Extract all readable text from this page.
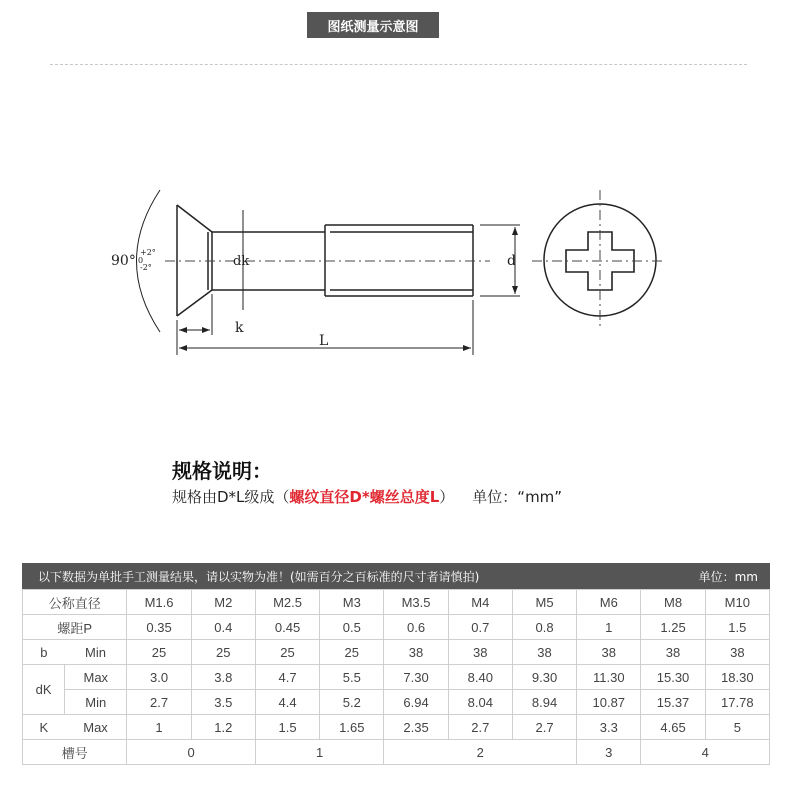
图纸测量示意图
90°
+2°
0
-2°	dk
k
L
d
规格说明：
规格由D*L级成（螺纹直径D*螺丝总度L） 单位：“mm”
以下数据为单批手工测量结果，请以实物为准！(如需百分之百标准的尺寸者请慎拍)	单位：mm
公称直径		M1.6	M2	M2.5	M3	M3.5	M4	M5	M6	M8	M10
螺距P		0.35	0.4	0.45	0.5	0.6	0.7	0.8	1	1.25	1.5
b	Min	25	25	25	25	38	38	38	38	38	38
dK	Max	3.0	3.8	4.7	5.5	7.30	8.40	9.30	11.30	15.30	18.30
	Min	2.7	3.5	4.4	5.2	6.94	8.04	8.94	10.87	15.37	17.78
K	Max	1	1.2	1.5	1.65	2.35	2.7	2.7	3.3	4.65	5
槽号		0		1		2			3	4	
